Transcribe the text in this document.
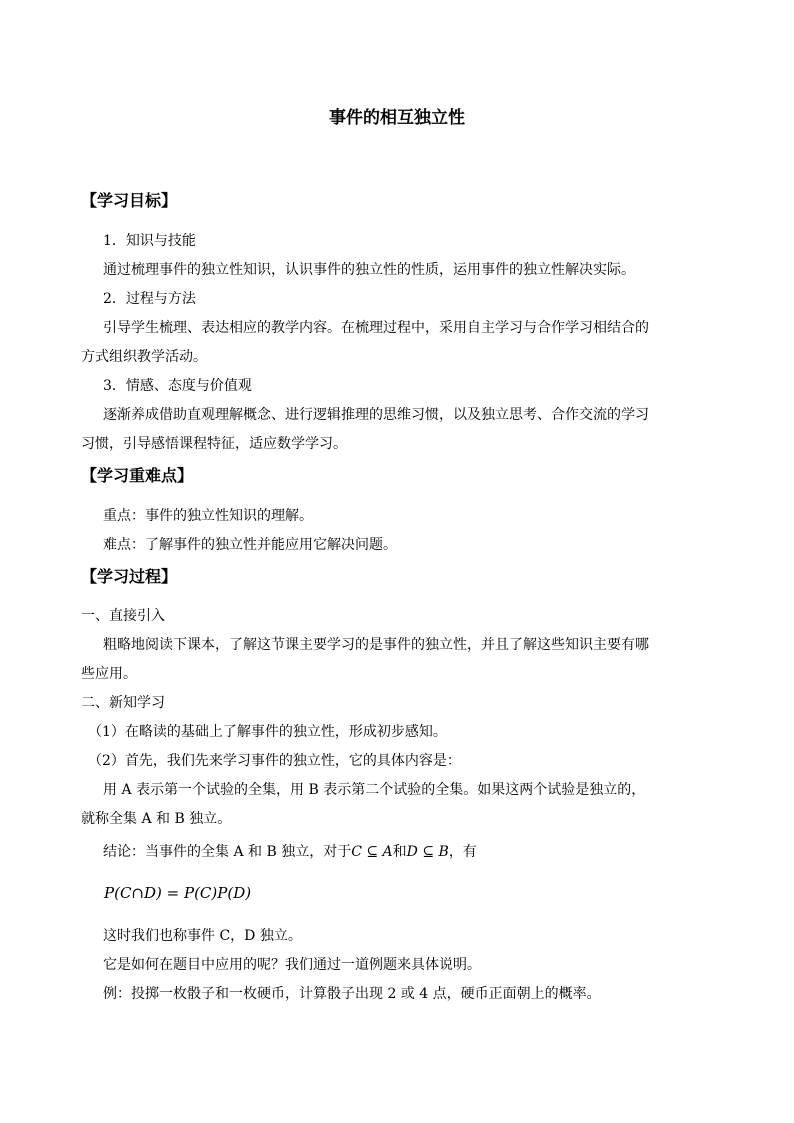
事件的相互独立性
【学习目标】
1．知识与技能
通过梳理事件的独立性知识，认识事件的独立性的性质，运用事件的独立性解决实际。
2．过程与方法
引导学生梳理、表达相应的教学内容。在梳理过程中，采用自主学习与合作学习相结合的
方式组织教学活动。
3．情感、态度与价值观
逐渐养成借助直观理解概念、进行逻辑推理的思维习惯，以及独立思考、合作交流的学习
习惯，引导感悟课程特征，适应数学学习。
【学习重难点】
重点：事件的独立性知识的理解。
难点：了解事件的独立性并能应用它解决问题。
【学习过程】
一、直接引入
粗略地阅读下课本，了解这节课主要学习的是事件的独立性，并且了解这些知识主要有哪
些应用。
二、新知学习
（1）在略读的基础上了解事件的独立性，形成初步感知。
（2）首先，我们先来学习事件的独立性，它的具体内容是：
用 A 表示第一个试验的全集，用 B 表示第二个试验的全集。如果这两个试验是独立的，
就称全集 A 和 B 独立。
结论：当事件的全集 A 和 B 独立，对于C ⊆ A和D ⊆ B，有
P(C∩D) = P(C)P(D)
这时我们也称事件 C，D 独立。
它是如何在题目中应用的呢？我们通过一道例题来具体说明。
例：投掷一枚骰子和一枚硬币，计算骰子出现 2 或 4 点，硬币正面朝上的概率。
